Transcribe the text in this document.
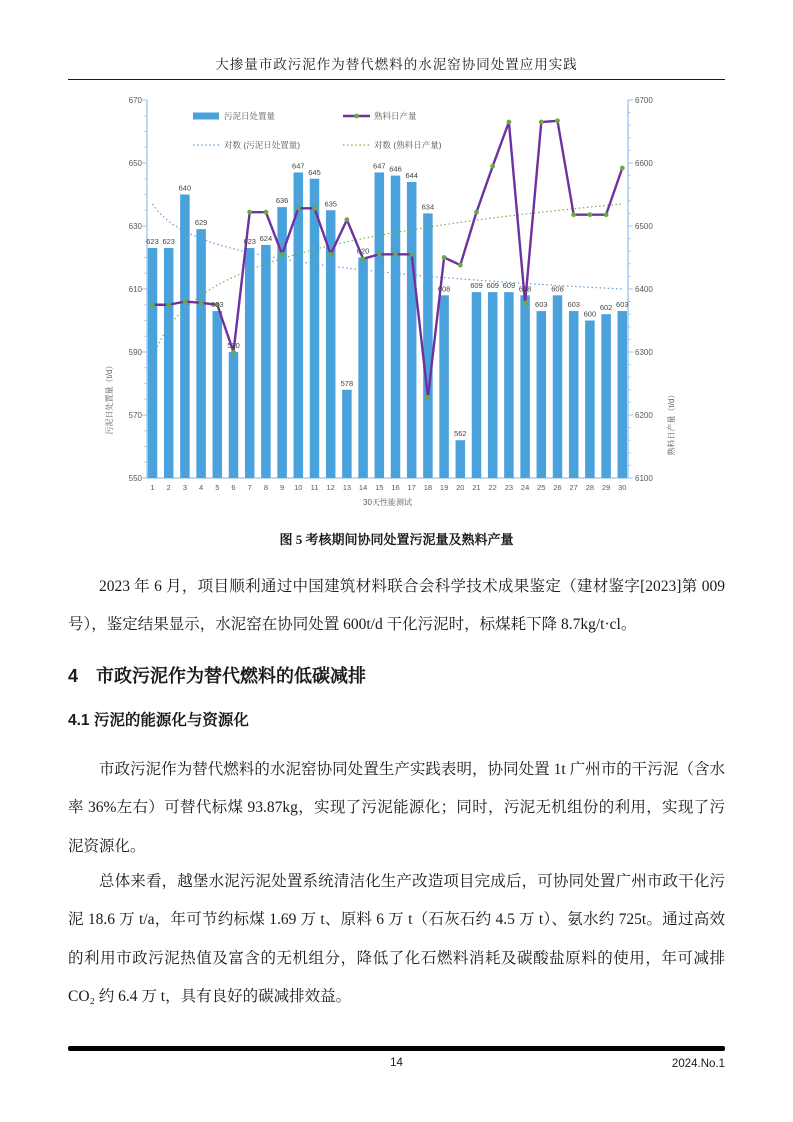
大掺量市政污泥作为替代燃料的水泥窑协同处置应用实践
550
570
590
610
630
650
670
6100
6200
6300
6400
6500
6600
6700
1 2 3 4 5 6 7 8 9 10 11 12 13 14 15 16 17 18 19 20 21 22 23 24 25 26 27 28 29 30
30天性能测试
污泥日处置量（t/d）	熟料日产量（t/d）
623 623
640
629
603
590
623 624
636
647
645
635
578
620
647 646
644
634
608
562
609 609 609 608
603
608
603
600
602 603
污泥日处置量	熟料日产量
对数 (污泥日处置量)	对数 (熟料日产量)
图 5 考核期间协同处置污泥量及熟料产量

2023 年 6 月，项目顺利通过中国建筑材料联合会科学技术成果鉴定（建材鉴字[2023]第 009 号），鉴定结果显示，水泥窑在协同处置 600t/d 干化污泥时，标煤耗下降 8.7kg/t·cl。

4　市政污泥作为替代燃料的低碳减排
4.1 污泥的能源化与资源化

市政污泥作为替代燃料的水泥窑协同处置生产实践表明，协同处置 1t 广州市的干污泥（含水率 36%左右）可替代标煤 93.87kg，实现了污泥能源化；同时，污泥无机组份的利用，实现了污泥资源化。

总体来看，越堡水泥污泥处置系统清洁化生产改造项目完成后，可协同处置广州市政干化污泥 18.6 万 t/a，年可节约标煤 1.69 万 t、原料 6 万 t（石灰石约 4.5 万 t）、氨水约 725t。通过高效的利用市政污泥热值及富含的无机组分，降低了化石燃料消耗及碳酸盐原料的使用，年可减排 CO₂ 约 6.4 万 t，具有良好的碳减排效益。

14	2024.No.1
